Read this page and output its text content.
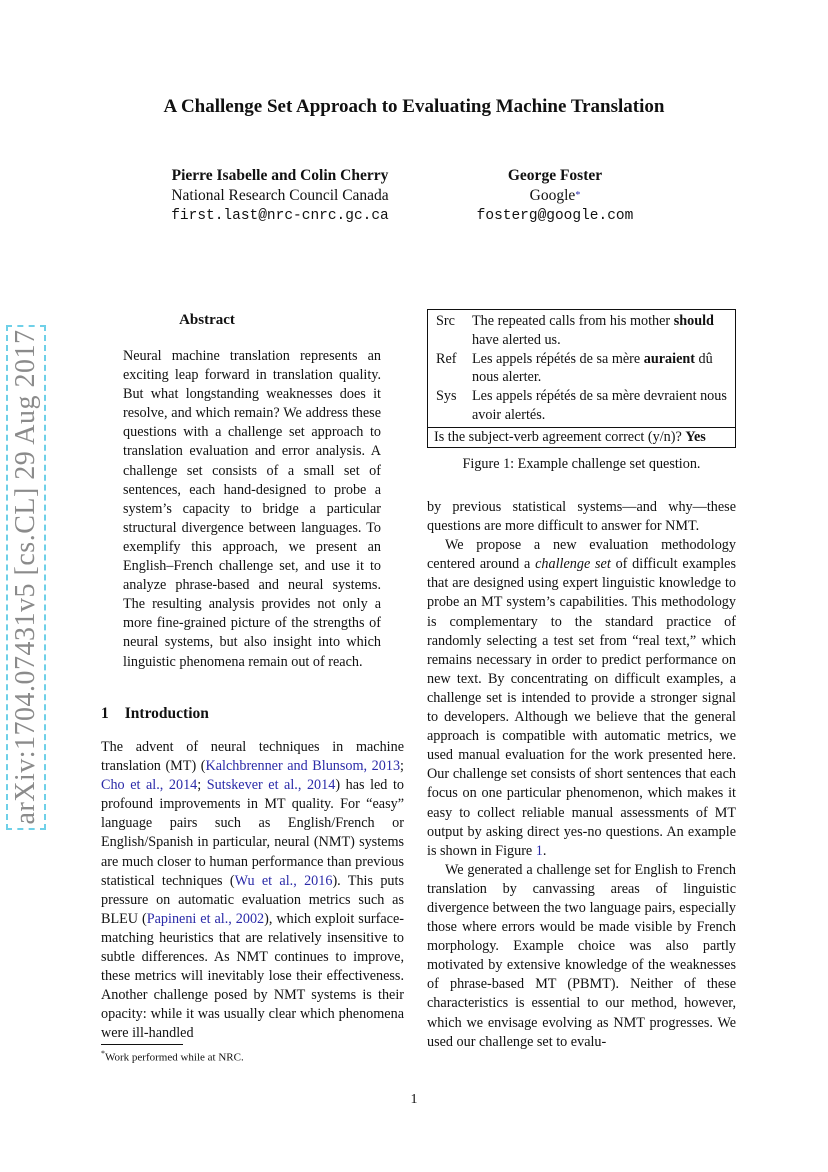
A Challenge Set Approach to Evaluating Machine Translation
Pierre Isabelle and Colin Cherry
National Research Council Canada
first.last@nrc-cnrc.gc.ca
George Foster
Google*
fosterg@google.com
arXiv:1704.07431v5 [cs.CL] 29 Aug 2017
Abstract

Neural machine translation represents an exciting leap forward in translation quality. But what longstanding weaknesses does it resolve, and which remain? We address these questions with a challenge set approach to translation evaluation and error analysis. A challenge set consists of a small set of sentences, each hand-designed to probe a system’s capacity to bridge a particular structural divergence between languages. To exemplify this approach, we present an English–French challenge set, and use it to analyze phrase-based and neural systems. The resulting analysis provides not only a more fine-grained picture of the strengths of neural systems, but also insight into which linguistic phenomena remain out of reach.

1 Introduction

The advent of neural techniques in machine translation (MT) (Kalchbrenner and Blunsom, 2013; Cho et al., 2014; Sutskever et al., 2014) has led to profound improvements in MT quality. For “easy” language pairs such as English/French or English/Spanish in particular, neural (NMT) systems are much closer to human performance than previous statistical techniques (Wu et al., 2016). This puts pressure on automatic evaluation metrics such as BLEU (Papineni et al., 2002), which exploit surface-matching heuristics that are relatively insensitive to subtle differences. As NMT continues to improve, these metrics will inevitably lose their effectiveness. Another challenge posed by NMT systems is their opacity: while it was usually clear which phenomena were ill-handled

*Work performed while at NRC.
Src	The repeated calls from his mother should have alerted us.
Ref	Les appels répétés de sa mère auraient dû nous alerter.
Sys	Les appels répétés de sa mère devraient nous avoir alertés.
Is the subject-verb agreement correct (y/n)? Yes	
Figure 1: Example challenge set question.

by previous statistical systems—and why—these questions are more difficult to answer for NMT.

We propose a new evaluation methodology centered around a challenge set of difficult examples that are designed using expert linguistic knowledge to probe an MT system’s capabilities. This methodology is complementary to the standard practice of randomly selecting a test set from “real text,” which remains necessary in order to predict performance on new text. By concentrating on difficult examples, a challenge set is intended to provide a stronger signal to developers. Although we believe that the general approach is compatible with automatic metrics, we used manual evaluation for the work presented here. Our challenge set consists of short sentences that each focus on one particular phenomenon, which makes it easy to collect reliable manual assessments of MT output by asking direct yes-no questions. An example is shown in Figure 1.

We generated a challenge set for English to French translation by canvassing areas of linguistic divergence between the two language pairs, especially those where errors would be made visible by French morphology. Example choice was also partly motivated by extensive knowledge of the weaknesses of phrase-based MT (PBMT). Neither of these characteristics is essential to our method, however, which we envisage evolving as NMT progresses. We used our challenge set to evalu-

1
